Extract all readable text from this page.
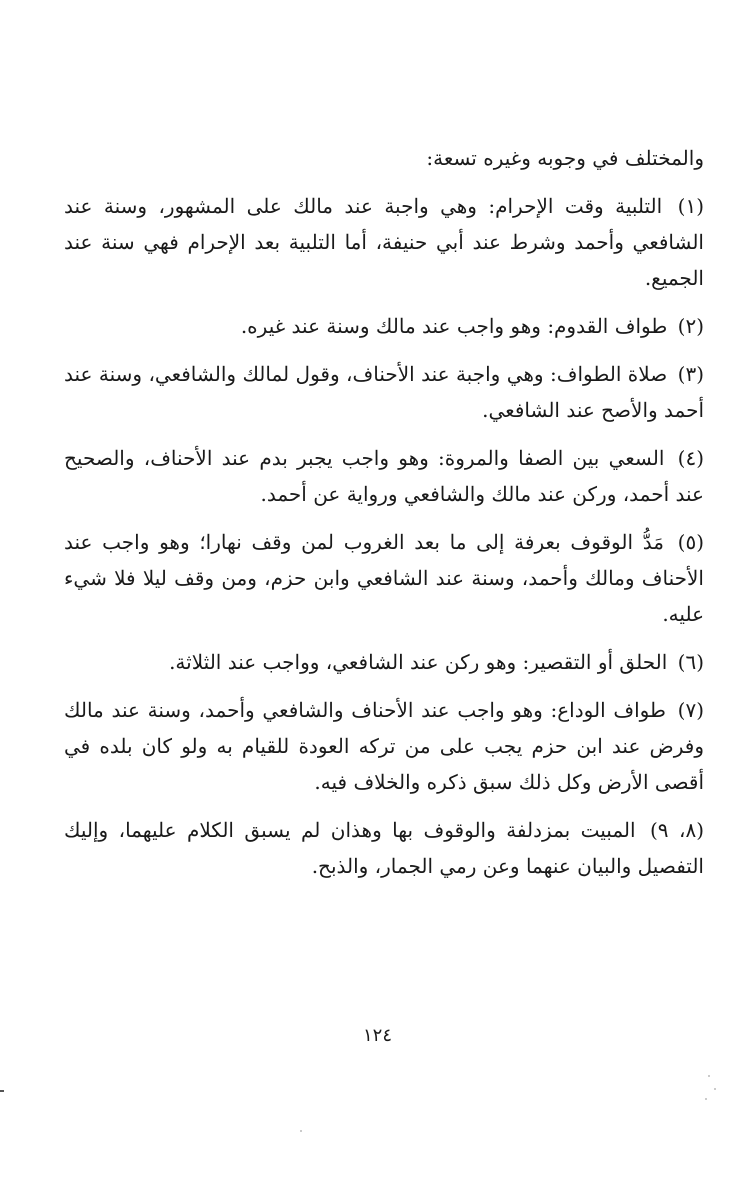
والمختلف في وجوبه وغيره تسعة:

(١) التلبية وقت الإحرام: وهي واجبة عند مالك على المشهور، وسنة عند الشافعي وأحمد وشرط عند أبي حنيفة، أما التلبية بعد الإحرام فهي سنة عند الجميع.

(٢) طواف القدوم: وهو واجب عند مالك وسنة عند غيره.

(٣) صلاة الطواف: وهي واجبة عند الأحناف، وقول لمالك والشافعي، وسنة عند أحمد والأصح عند الشافعي.

(٤) السعي بين الصفا والمروة: وهو واجب يجبر بدم عند الأحناف، والصحيح عند أحمد، وركن عند مالك والشافعي ورواية عن أحمد.

(٥) مَدُّ الوقوف بعرفة إلى ما بعد الغروب لمن وقف نهارا؛ وهو واجب عند الأحناف ومالك وأحمد، وسنة عند الشافعي وابن حزم، ومن وقف ليلا فلا شيء عليه.

(٦) الحلق أو التقصير: وهو ركن عند الشافعي، وواجب عند الثلاثة.

(٧) طواف الوداع: وهو واجب عند الأحناف والشافعي وأحمد، وسنة عند مالك وفرض عند ابن حزم يجب على من تركه العودة للقيام به ولو كان بلده في أقصى الأرض وكل ذلك سبق ذكره والخلاف فيه.

(٨، ٩) المبيت بمزدلفة والوقوف بها وهذان لم يسبق الكلام عليهما، وإليك التفصيل والبيان عنهما وعن رمي الجمار، والذبح.

١٢٤
